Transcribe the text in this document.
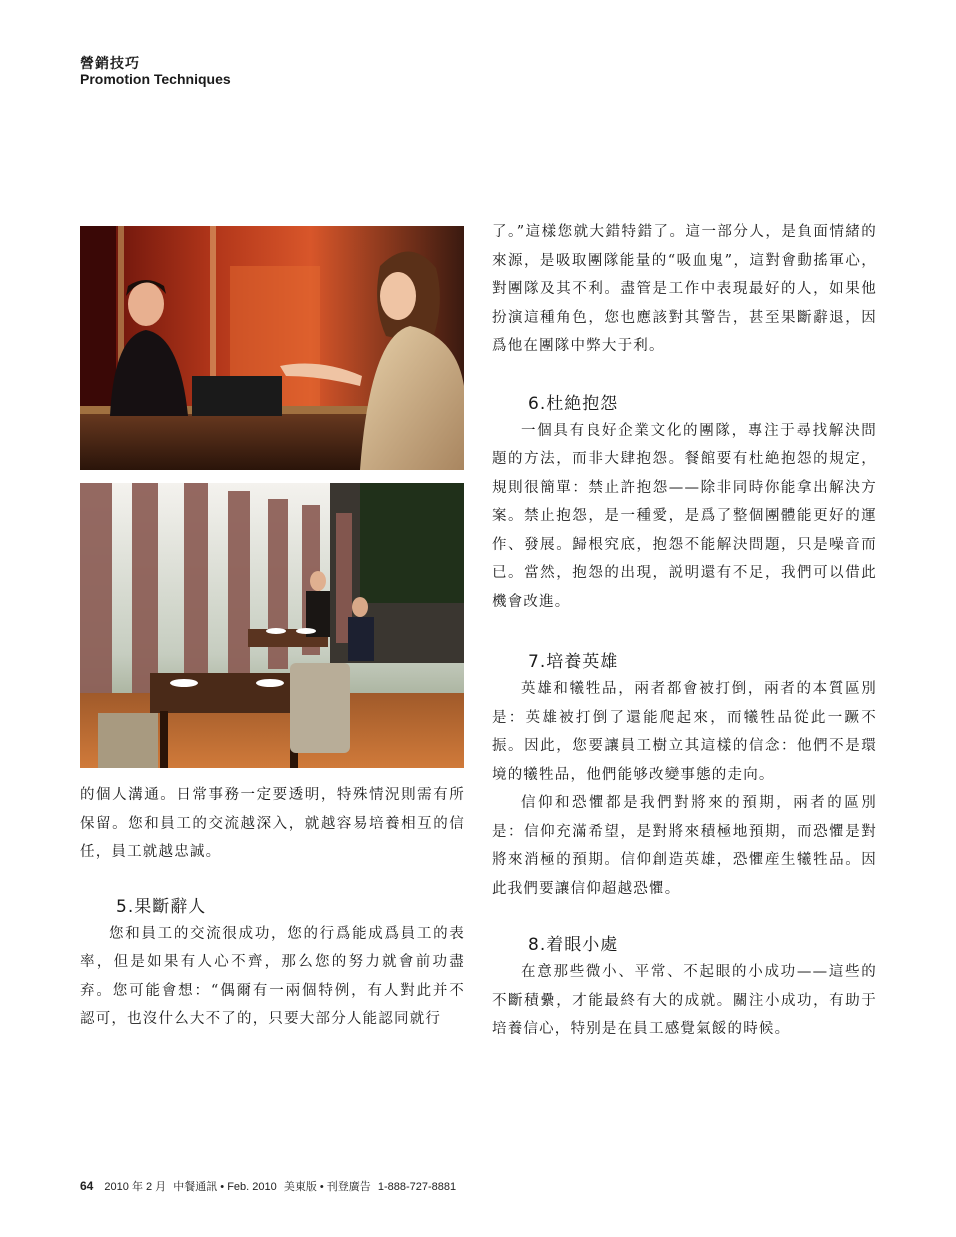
營銷技巧
Promotion Techniques

的個人溝通。日常事務一定要透明，特殊情況則需有所保留。您和員工的交流越深入，就越容易培養相互的信任，員工就越忠誠。

5.果斷辭人

您和員工的交流很成功，您的行爲能成爲員工的表率，但是如果有人心不齊，那么您的努力就會前功盡弃。您可能會想：“偶爾有一兩個特例，有人對此并不認可，也沒什么大不了的，只要大部分人能認同就行

了。”這樣您就大錯特錯了。這一部分人，是負面情緒的來源，是吸取團隊能量的“吸血鬼”，這對會動搖軍心，對團隊及其不利。盡管是工作中表現最好的人，如果他扮演這種角色，您也應該對其警告，甚至果斷辭退，因爲他在團隊中弊大于利。

6.杜絶抱怨

一個具有良好企業文化的團隊，專注于尋找解決問題的方法，而非大肆抱怨。餐館要有杜絶抱怨的規定，規則很簡單：禁止許抱怨——除非同時你能拿出解決方案。禁止抱怨，是一種愛，是爲了整個團體能更好的運作、發展。歸根究底，抱怨不能解決問題，只是噪音而已。當然，抱怨的出現，説明還有不足，我們可以借此機會改進。

7.培養英雄

英雄和犧牲品，兩者都會被打倒，兩者的本質區別是：英雄被打倒了還能爬起來，而犧牲品從此一蹶不振。因此，您要讓員工樹立其這樣的信念：他們不是環境的犧牲品，他們能够改變事態的走向。

信仰和恐懼都是我們對將來的預期，兩者的區別是：信仰充滿希望，是對將來積極地預期，而恐懼是對將來消極的預期。信仰創造英雄，恐懼産生犧牲品。因此我們要讓信仰超越恐懼。

8.着眼小處

在意那些微小、平常、不起眼的小成功——這些的不斷積纍，才能最終有大的成就。關注小成功，有助于培養信心，特别是在員工感覺氣餒的時候。

64 2010 年 2 月 中餐通訊 • Feb. 2010 美東版 • 刊登廣告 1-888-727-8881
